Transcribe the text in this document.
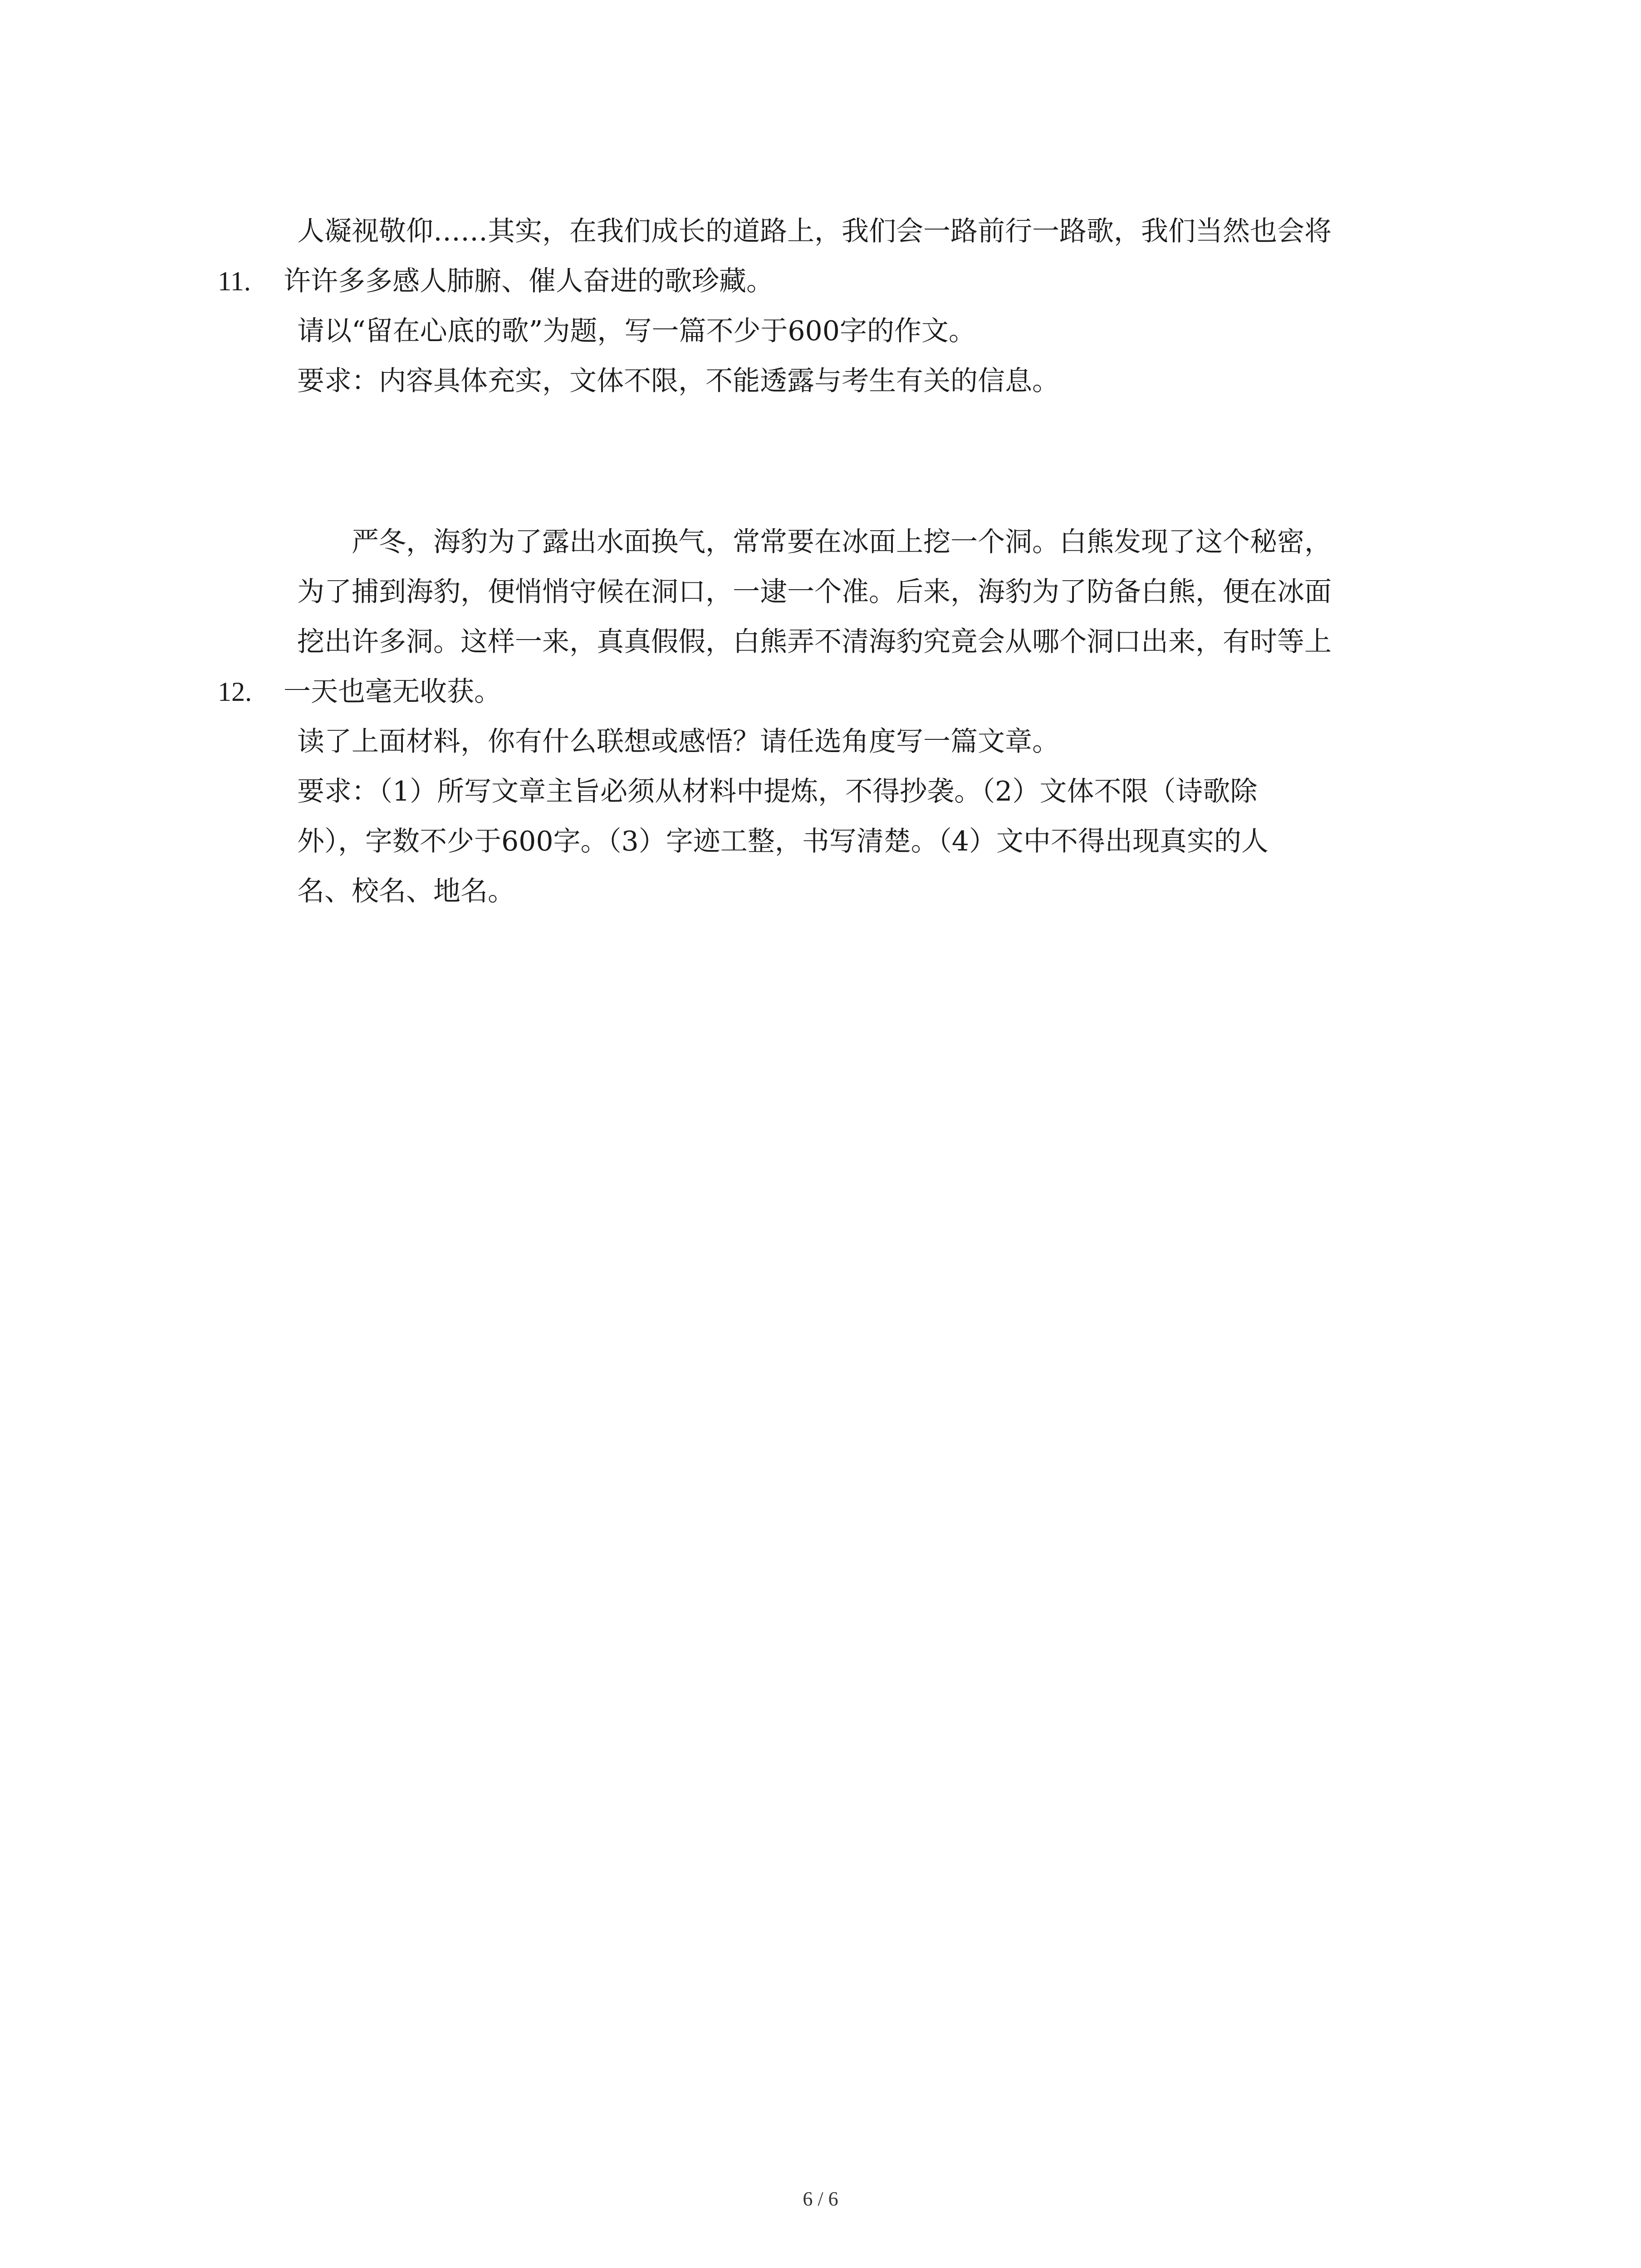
11.
人凝视敬仰……其实，在我们成长的道路上，我们会一路前行一路歌，我们当然也会将
许许多多感人肺腑、催人奋进的歌珍藏。
请以“留在心底的歌”为题，写一篇不少于600字的作文。
要求：内容具体充实，文体不限，不能透露与考生有关的信息。
12.
严冬，海豹为了露出水面换气，常常要在冰面上挖一个洞。白熊发现了这个秘密，
为了捕到海豹，便悄悄守候在洞口，一逮一个准。后来，海豹为了防备白熊，便在冰面
挖出许多洞。这样一来，真真假假，白熊弄不清海豹究竟会从哪个洞口出来，有时等上
一天也毫无收获。
读了上面材料，你有什么联想或感悟？请任选角度写一篇文章。
要求：（1）所写文章主旨必须从材料中提炼，不得抄袭。（2）文体不限（诗歌除
外），字数不少于600字。（3）字迹工整，书写清楚。（4）文中不得出现真实的人
名、校名、地名。
6 / 6
